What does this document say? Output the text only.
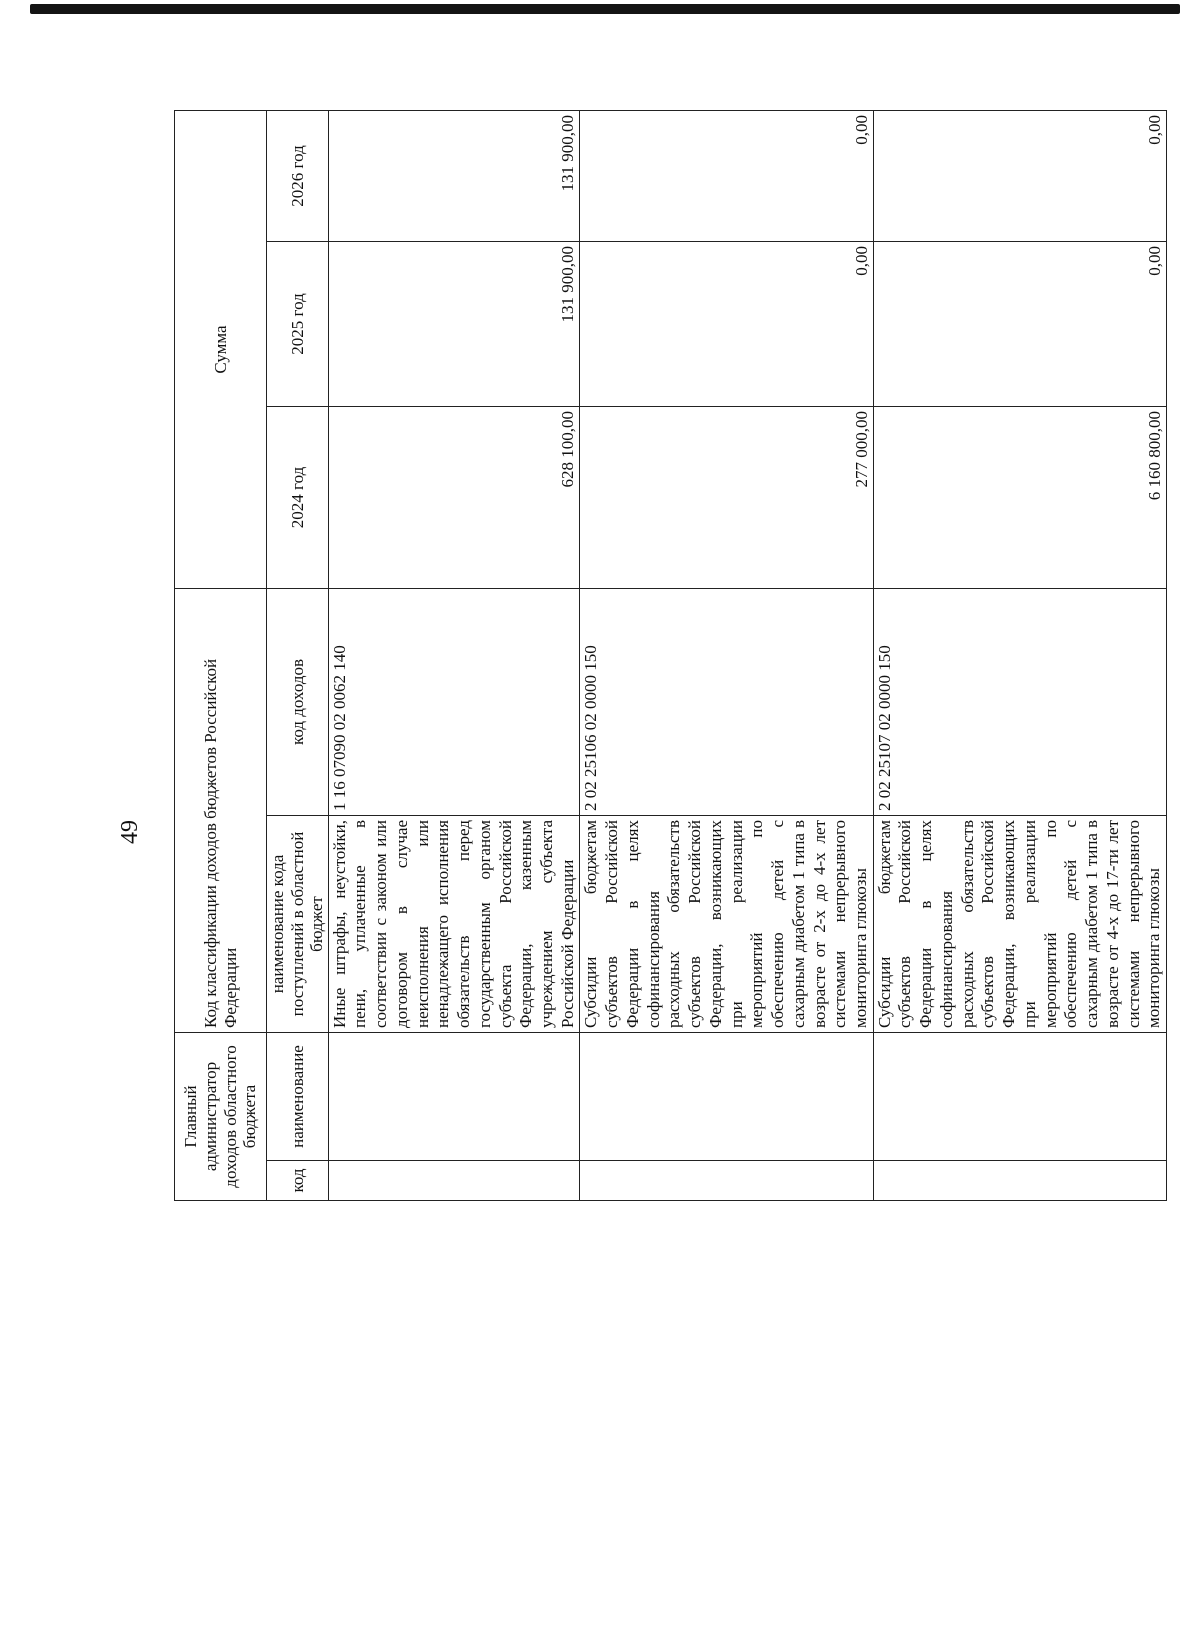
49
Главный администратор доходов областного бюджета		Код классификации доходов бюджетов Российской Федерации		Сумма		
код	наименование	наименование кода поступлений в областной бюджет	код доходов	2024 год	2025 год	2026 год
		Иные штрафы, неустойки, пени, уплаченные в соответствии с законом или договором в случае неисполнения или ненадлежащего исполнения обязательств перед государственным органом субъекта Российской Федерации, казенным учреждением субъекта Российской Федерации	1 16 07090 02 0062 140	628 100,00	131 900,00	131 900,00
		Субсидии бюджетам субъектов Российской Федерации в целях софинансирования расходных обязательств субъектов Российской Федерации, возникающих при реализации мероприятий по обеспечению детей с сахарным диабетом 1 типа в возрасте от 2-х до 4-х лет системами непрерывного мониторинга глюкозы	2 02 25106 02 0000 150	277 000,00	0,00	0,00
		Субсидии бюджетам субъектов Российской Федерации в целях софинансирования расходных обязательств субъектов Российской Федерации, возникающих при реализации мероприятий по обеспечению детей с сахарным диабетом 1 типа в возрасте от 4-х до 17-ти лет системами непрерывного мониторинга глюкозы	2 02 25107 02 0000 150	6 160 800,00	0,00	0,00
